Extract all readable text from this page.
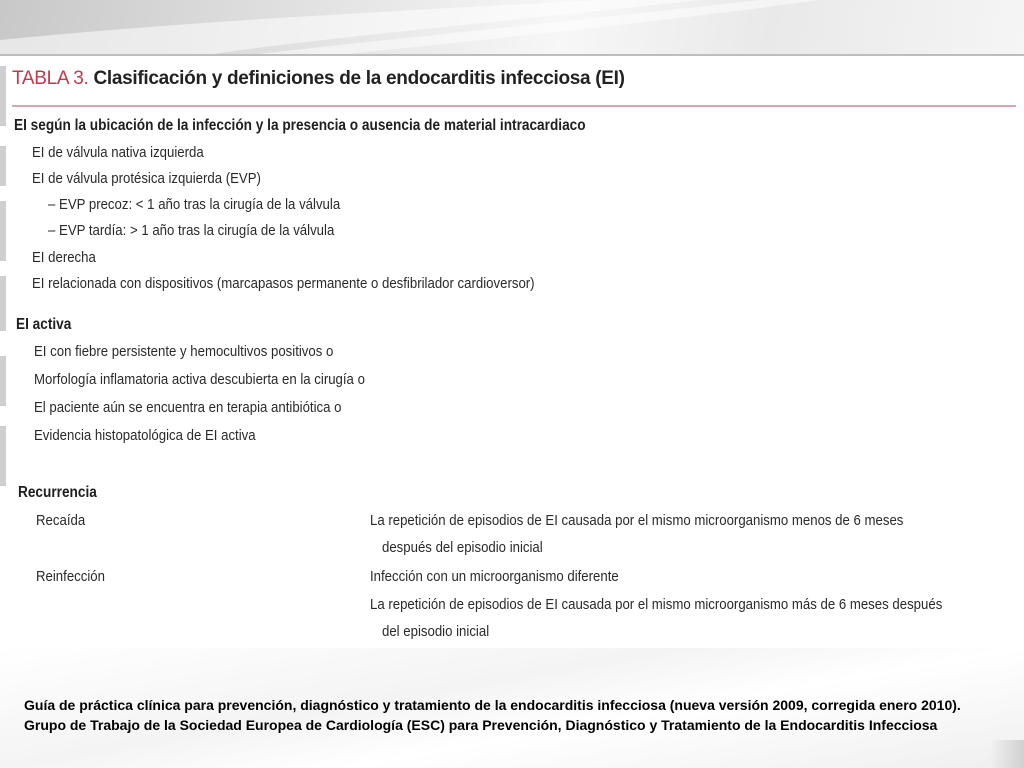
TABLA 3. Clasificación y definiciones de la endocarditis infecciosa (EI)
EI según la ubicación de la infección y la presencia o ausencia de material intracardiaco
EI de válvula nativa izquierda
EI de válvula protésica izquierda (EVP)
– EVP precoz: < 1 año tras la cirugía de la válvula
– EVP tardía: > 1 año tras la cirugía de la válvula
EI derecha
EI relacionada con dispositivos (marcapasos permanente o desfibrilador cardioversor)
EI activa
EI con fiebre persistente y hemocultivos positivos o
Morfología inflamatoria activa descubierta en la cirugía o
El paciente aún se encuentra en terapia antibiótica o
Evidencia histopatológica de EI activa
Recurrencia
Recaída	La repetición de episodios de EI causada por el mismo microorganismo menos de 6 meses
después del episodio inicial
Reinfección	Infección con un microorganismo diferente
La repetición de episodios de EI causada por el mismo microorganismo más de 6 meses después
del episodio inicial
Guía de práctica clínica para prevención, diagnóstico y tratamiento de la endocarditis infecciosa (nueva versión 2009, corregida enero 2010). Grupo de Trabajo de la Sociedad Europea de Cardiología (ESC) para Prevención, Diagnóstico y Tratamiento de la Endocarditis Infecciosa
